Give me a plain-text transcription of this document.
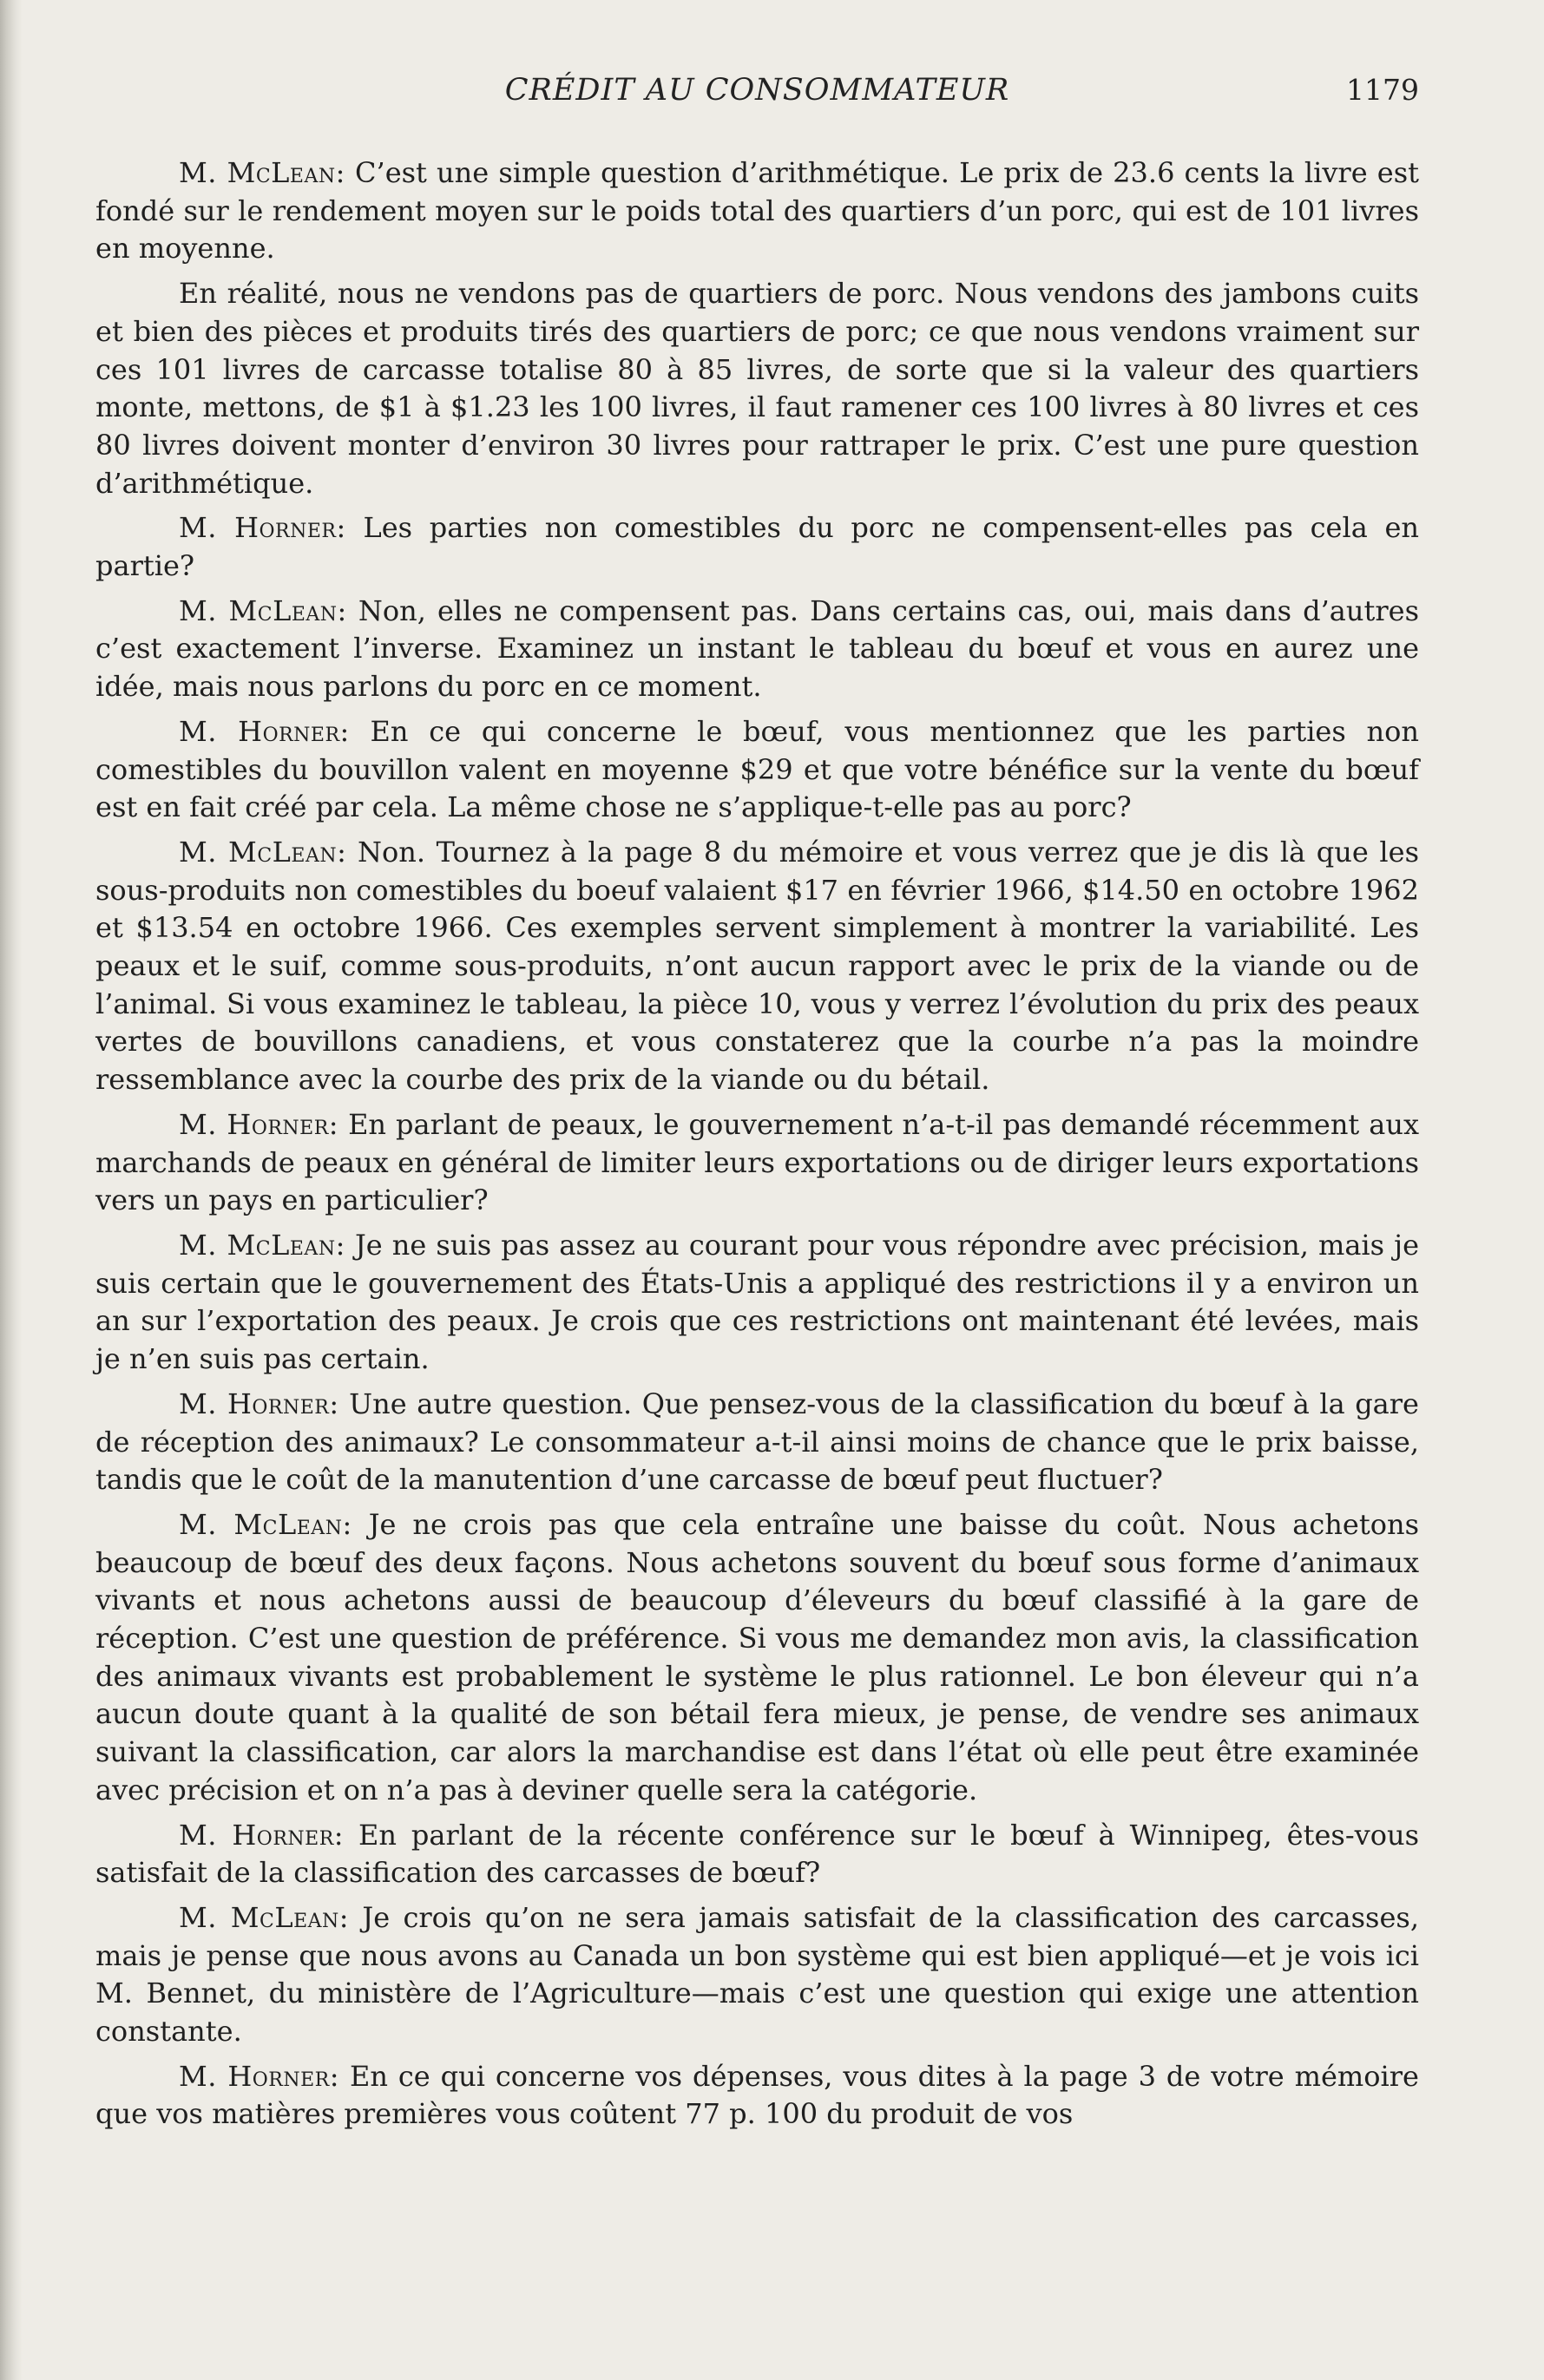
CRÉDIT AU CONSOMMATEUR	1179

M. McLean: C’est une simple question d’arithmétique. Le prix de 23.6 cents la livre est fondé sur le rendement moyen sur le poids total des quartiers d’un porc, qui est de 101 livres en moyenne.

En réalité, nous ne vendons pas de quartiers de porc. Nous vendons des jambons cuits et bien des pièces et produits tirés des quartiers de porc; ce que nous vendons vraiment sur ces 101 livres de carcasse totalise 80 à 85 livres, de sorte que si la valeur des quartiers monte, mettons, de $1 à $1.23 les 100 livres, il faut ramener ces 100 livres à 80 livres et ces 80 livres doivent monter d’environ 30 livres pour rattraper le prix. C’est une pure question d’arithmétique.

M. Horner: Les parties non comestibles du porc ne compensent-elles pas cela en partie?

M. McLean: Non, elles ne compensent pas. Dans certains cas, oui, mais dans d’autres c’est exactement l’inverse. Examinez un instant le tableau du bœuf et vous en aurez une idée, mais nous parlons du porc en ce moment.

M. Horner: En ce qui concerne le bœuf, vous mentionnez que les parties non comestibles du bouvillon valent en moyenne $29 et que votre bénéfice sur la vente du bœuf est en fait créé par cela. La même chose ne s’applique-t-elle pas au porc?

M. McLean: Non. Tournez à la page 8 du mémoire et vous verrez que je dis là que les sous-produits non comestibles du boeuf valaient $17 en février 1966, $14.50 en octobre 1962 et $13.54 en octobre 1966. Ces exemples servent simplement à montrer la variabilité. Les peaux et le suif, comme sous-produits, n’ont aucun rapport avec le prix de la viande ou de l’animal. Si vous examinez le tableau, la pièce 10, vous y verrez l’évolution du prix des peaux vertes de bouvillons canadiens, et vous constaterez que la courbe n’a pas la moindre ressemblance avec la courbe des prix de la viande ou du bétail.

M. Horner: En parlant de peaux, le gouvernement n’a-t-il pas demandé récemment aux marchands de peaux en général de limiter leurs exportations ou de diriger leurs exportations vers un pays en particulier?

M. McLean: Je ne suis pas assez au courant pour vous répondre avec précision, mais je suis certain que le gouvernement des États-Unis a appliqué des restrictions il y a environ un an sur l’exportation des peaux. Je crois que ces restrictions ont maintenant été levées, mais je n’en suis pas certain.

M. Horner: Une autre question. Que pensez-vous de la classification du bœuf à la gare de réception des animaux? Le consommateur a-t-il ainsi moins de chance que le prix baisse, tandis que le coût de la manutention d’une carcasse de bœuf peut fluctuer?

M. McLean: Je ne crois pas que cela entraîne une baisse du coût. Nous achetons beaucoup de bœuf des deux façons. Nous achetons souvent du bœuf sous forme d’animaux vivants et nous achetons aussi de beaucoup d’éleveurs du bœuf classifié à la gare de réception. C’est une question de préférence. Si vous me demandez mon avis, la classification des animaux vivants est probablement le système le plus rationnel. Le bon éleveur qui n’a aucun doute quant à la qualité de son bétail fera mieux, je pense, de vendre ses animaux suivant la classification, car alors la marchandise est dans l’état où elle peut être examinée avec précision et on n’a pas à deviner quelle sera la catégorie.

M. Horner: En parlant de la récente conférence sur le bœuf à Winnipeg, êtes-vous satisfait de la classification des carcasses de bœuf?

M. McLean: Je crois qu’on ne sera jamais satisfait de la classification des carcasses, mais je pense que nous avons au Canada un bon système qui est bien appliqué—et je vois ici M. Bennet, du ministère de l’Agriculture—mais c’est une question qui exige une attention constante.

M. Horner: En ce qui concerne vos dépenses, vous dites à la page 3 de votre mémoire que vos matières premières vous coûtent 77 p. 100 du produit de vos
